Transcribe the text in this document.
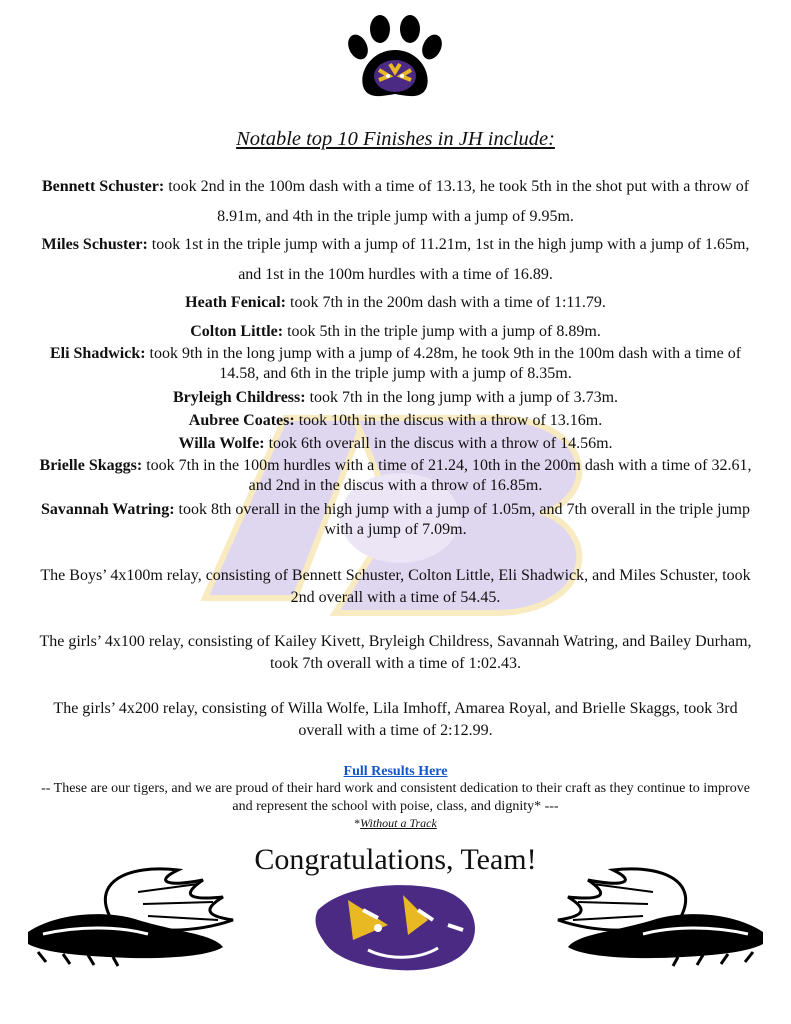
Notable top 10 Finishes in JH include:
Bennett Schuster: took 2nd in the 100m dash with a time of 13.13, he took 5th in the shot put with a throw of 8.91m, and 4th in the triple jump with a jump of 9.95m.
Miles Schuster: took 1st in the triple jump with a jump of 11.21m, 1st in the high jump with a jump of 1.65m, and 1st in the 100m hurdles with a time of 16.89.
Heath Fenical: took 7th in the 200m dash with a time of 1:11.79.
Colton Little: took 5th in the triple jump with a jump of 8.89m.
Eli Shadwick: took 9th in the long jump with a jump of 4.28m, he took 9th in the 100m dash with a time of 14.58, and 6th in the triple jump with a jump of 8.35m.
Bryleigh Childress: took 7th in the long jump with a jump of 3.73m.
Aubree Coates: took 10th in the discus with a throw of 13.16m.
Willa Wolfe: took 6th overall in the discus with a throw of 14.56m.
Brielle Skaggs: took 7th in the 100m hurdles with a time of 21.24, 10th in the 200m dash with a time of 32.61, and 2nd in the discus with a throw of 16.85m.
Savannah Watring: took 8th overall in the high jump with a jump of 1.05m, and 7th overall in the triple jump with a jump of 7.09m.
The Boys’ 4x100m relay, consisting of Bennett Schuster, Colton Little, Eli Shadwick, and Miles Schuster, took 2nd overall with a time of 54.45.
The girls’ 4x100 relay, consisting of Kailey Kivett, Bryleigh Childress, Savannah Watring, and Bailey Durham, took 7th overall with a time of 1:02.43.
The girls’ 4x200 relay, consisting of Willa Wolfe, Lila Imhoff, Amarea Royal, and Brielle Skaggs, took 3rd overall with a time of 2:12.99.
Full Results Here
-- These are our tigers, and we are proud of their hard work and consistent dedication to their craft as they continue to improve and represent the school with poise, class, and dignity* ---
*Without a Track
Congratulations, Team!
